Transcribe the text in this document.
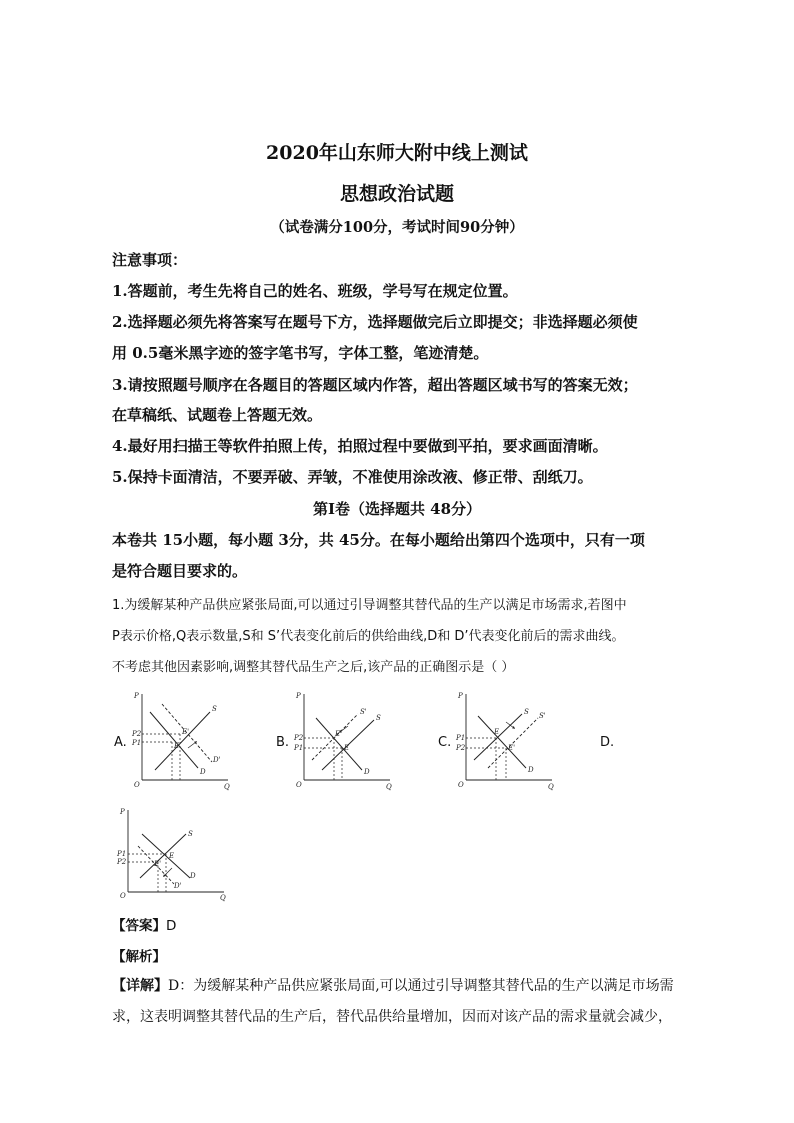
2020年山东师大附中线上测试
思想政治试题
（试卷满分100分，考试时间90分钟）
注意事项：
1.答题前，考生先将自己的姓名、班级，学号写在规定位置。
2.选择题必须先将答案写在题号下方，选择题做完后立即提交；非选择题必须使
用 0.5毫米黑字迹的签字笔书写，字体工整，笔迹清楚。
3.请按照题号顺序在各题目的答题区域内作答，超出答题区域书写的答案无效；
在草稿纸、试题卷上答题无效。
4.最好用扫描王等软件拍照上传，拍照过程中要做到平拍，要求画面清晰。
5.保持卡面清洁，不要弄破、弄皱，不准使用涂改液、修正带、刮纸刀。
第Ⅰ卷（选择题共 48分）
本卷共 15小题，每小题 3分，共 45分。在每小题给出第四个选项中，只有一项
是符合题目要求的。
1.为缓解某种产品供应紧张局面,可以通过引导调整其替代品的生产以满足市场需求,若图中
P表示价格,Q表示数量,S和 S’代表变化前后的供给曲线,D和 D’代表变化前后的需求曲线。
不考虑其他因素影响,调整其替代品生产之后,该产品的正确图示是（ ）
A.	B.	C.	D.
P
Q
O
S
D
D'
E
E'
P2
P1
P
Q
O
S
S'
D
E
E'
P2
P1
P
Q
O
S S'
D
E
E'
P1
P2
P
Q
O
S
D
D'
E
E'
P1
P2
【答案】D
【解析】
【详解】D：为缓解某种产品供应紧张局面,可以通过引导调整其替代品的生产以满足市场需
求，这表明调整其替代品的生产后，替代品供给量增加，因而对该产品的需求量就会减少，
